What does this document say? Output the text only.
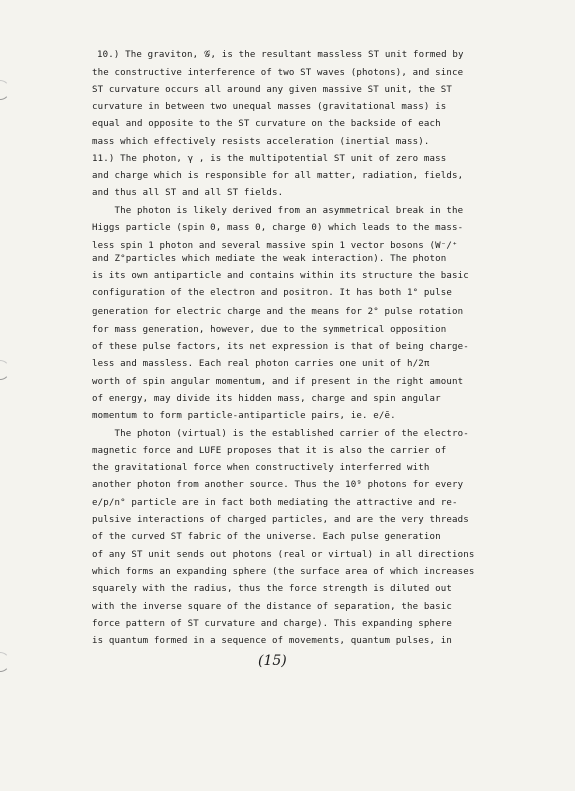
10.) The graviton, 𝒢, is the resultant massless ST unit formed by
the constructive interference of two ST waves (photons), and since
ST curvature occurs all around any given massive ST unit, the ST
curvature in between two unequal masses (gravitational mass) is
equal and opposite to the ST curvature on the backside of each
mass which effectively resists acceleration (inertial mass).
11.) The photon, γ , is the multipotential ST unit of zero mass
and charge which is responsible for all matter, radiation, fields,
and thus all ST and all ST fields.
The photon is likely derived from an asymmetrical break in the
Higgs particle (spin 0, mass 0, charge 0) which leads to the mass-
less spin 1 photon and several massive spin 1 vector bosons (W⁻/⁺
and Z°particles which mediate the weak interaction). The photon
is its own antiparticle and contains within its structure the basic
configuration of the electron and positron. It has both 1° pulse
generation for electric charge and the means for 2° pulse rotation
for mass generation, however, due to the symmetrical opposition
of these pulse factors, its net expression is that of being charge-
less and massless. Each real photon carries one unit of h/2π
worth of spin angular momentum, and if present in the right amount
of energy, may divide its hidden mass, charge and spin angular
momentum to form particle-antiparticle pairs, ie. e/ē.
The photon (virtual) is the established carrier of the electro-
magnetic force and LUFE proposes that it is also the carrier of
the gravitational force when constructively interferred with
another photon from another source. Thus the 10⁹ photons for every
e/p/n° particle are in fact both mediating the attractive and re-
pulsive interactions of charged particles, and are the very threads
of the curved ST fabric of the universe. Each pulse generation
of any ST unit sends out photons (real or virtual) in all directions
which forms an expanding sphere (the surface area of which increases
squarely with the radius, thus the force strength is diluted out
with the inverse square of the distance of separation, the basic
force pattern of ST curvature and charge). This expanding sphere
is quantum formed in a sequence of movements, quantum pulses, in
(15)
